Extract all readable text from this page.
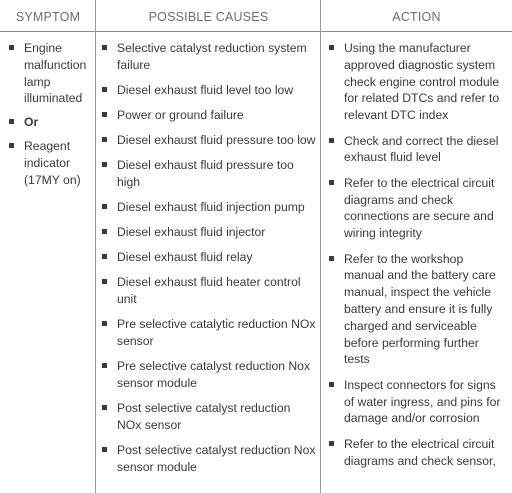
SYMPTOM	POSSIBLE CAUSES	ACTION
Engine malfunction lamp illuminated
Or
Reagent indicator (17MY on)
Selective catalyst reduction system failure
Diesel exhaust fluid level too low
Power or ground failure
Diesel exhaust fluid pressure too low
Diesel exhaust fluid pressure too high
Diesel exhaust fluid injection pump
Diesel exhaust fluid injector
Diesel exhaust fluid relay
Diesel exhaust fluid heater control unit
Pre selective catalytic reduction NOx sensor
Pre selective catalyst reduction Nox sensor module
Post selective catalyst reduction NOx sensor
Post selective catalyst reduction Nox sensor module
Using the manufacturer approved diagnostic system check engine control module for related DTCs and refer to relevant DTC index
Check and correct the diesel exhaust fluid level
Refer to the electrical circuit diagrams and check connections are secure and wiring integrity
Refer to the workshop manual and the battery care manual, inspect the vehicle battery and ensure it is fully charged and serviceable before performing further tests
Inspect connectors for signs of water ingress, and pins for damage and/or corrosion
Refer to the electrical circuit diagrams and check sensor,
